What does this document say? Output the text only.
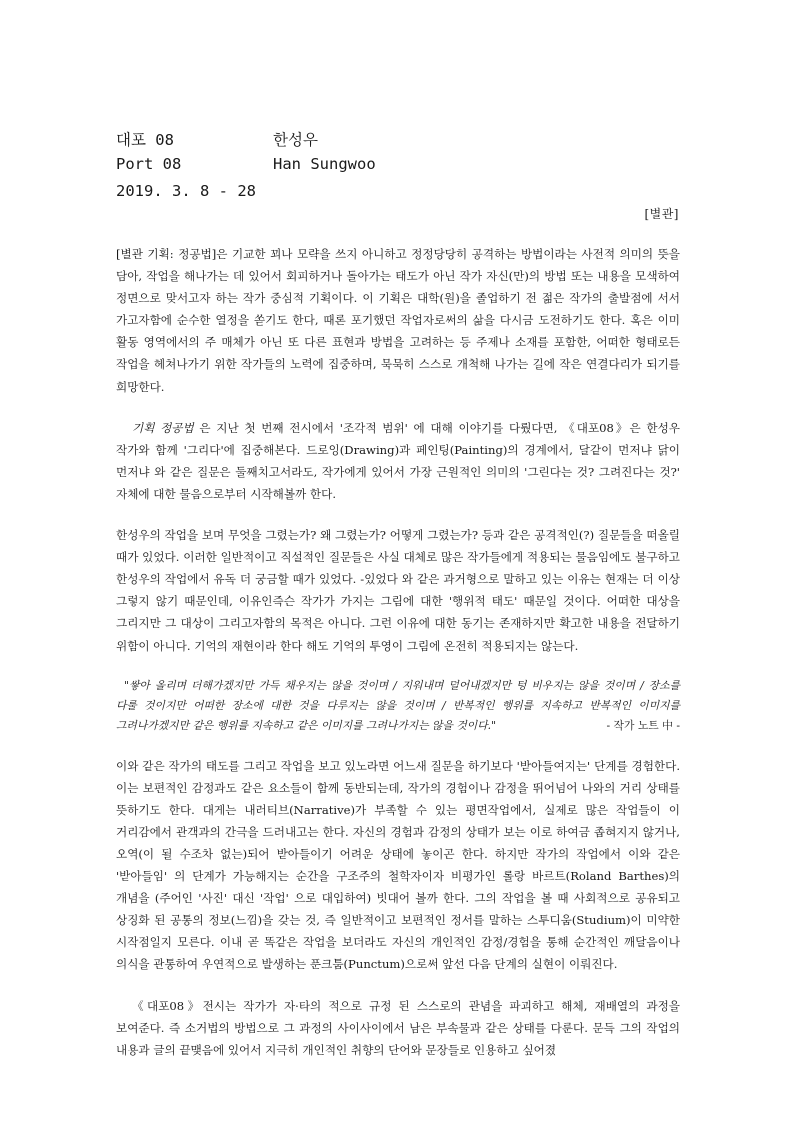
대포 08	한성우
Port 08	Han Sungwoo
2019. 3. 8 - 28
[별관]

[별관 기획: 정공법]은 기교한 꾀나 모략을 쓰지 아니하고 정정당당히 공격하는 방법이라는 사전적 의미의 뜻을 담아, 작업을 해나가는 데 있어서 회피하거나 돌아가는 태도가 아닌 작가 자신(만)의 방법 또는 내용을 모색하여 정면으로 맞서고자 하는 작가 중심적 기획이다. 이 기획은 대학(원)을 졸업하기 전 젊은 작가의 출발점에 서서 가고자함에 순수한 열정을 쏟기도 한다, 때론 포기했던 작업자로써의 삶을 다시금 도전하기도 한다. 혹은 이미 활동 영역에서의 주 매체가 아닌 또 다른 표현과 방법을 고려하는 등 주제나 소재를 포함한, 어떠한 형태로든 작업을 헤쳐나가기 위한 작가들의 노력에 집중하며, 묵묵히 스스로 개척해 나가는 길에 작은 연결다리가 되기를 희망한다.

기획 정공법 은 지난 첫 번째 전시에서 '조각적 범위' 에 대해 이야기를 다뤘다면, 《대포08》은 한성우 작가와 함께 '그리다'에 집중해본다. 드로잉(Drawing)과 페인팅(Painting)의 경계에서, 달같이 먼저냐 닭이 먼저냐 와 같은 질문은 둘째치고서라도, 작가에게 있어서 가장 근원적인 의미의 '그린다는 것? 그려진다는 것?' 자체에 대한 물음으로부터 시작해볼까 한다.

한성우의 작업을 보며 무엇을 그렸는가? 왜 그렸는가? 어떻게 그렸는가? 등과 같은 공격적인(?) 질문들을 떠올릴 때가 있었다. 이러한 일반적이고 직설적인 질문들은 사실 대체로 많은 작가들에게 적용되는 물음임에도 불구하고 한성우의 작업에서 유독 더 궁금할 때가 있었다. -있었다 와 같은 과거형으로 말하고 있는 이유는 현재는 더 이상 그렇지 않기 때문인데, 이유인즉슨 작가가 가지는 그림에 대한 '행위적 태도' 때문일 것이다. 어떠한 대상을 그리지만 그 대상이 그리고자함의 목적은 아니다. 그런 이유에 대한 동기는 존재하지만 확고한 내용을 전달하기 위함이 아니다. 기억의 재현이라 한다 해도 기억의 투영이 그림에 온전히 적용되지는 않는다.

"쌓아 올리며 더해가겠지만 가득 채우지는 않을 것이며 / 지워내며 덜어내겠지만 텅 비우지는 않을 것이며 / 장소를 다룰 것이지만 어떠한 장소에 대한 것을 다루지는 않을 것이며 / 반복적인 행위를 지속하고 반복적인 이미지를 그려나가겠지만 같은 행위를 지속하고 같은 이미지를 그려나가지는 않을 것이다."	- 작가 노트 中 -

이와 같은 작가의 태도를 그리고 작업을 보고 있노라면 어느새 질문을 하기보다 '받아들여지는' 단계를 경험한다. 이는 보편적인 감정과도 같은 요소들이 함께 동반되는데, 작가의 경험이나 감정을 뛰어넘어 나와의 거리 상태를 뜻하기도 한다. 대게는 내러티브(Narrative)가 부족할 수 있는 평면작업에서, 실제로 많은 작업들이 이 거리감에서 관객과의 간극을 드러내고는 한다. 자신의 경험과 감정의 상태가 보는 이로 하여금 좁혀지지 않거나, 오역(이 될 수조차 없는)되어 받아들이기 어려운 상태에 놓이곤 한다. 하지만 작가의 작업에서 이와 같은 '받아들임' 의 단계가 가능해지는 순간을 구조주의 철학자이자 비평가인 롤랑 바르트(Roland Barthes)의 개념을 (주어인 '사진' 대신 '작업' 으로 대입하여) 빗대어 볼까 한다. 그의 작업을 볼 때 사회적으로 공유되고 상징화 된 공통의 정보(느낌)을 갖는 것, 즉 일반적이고 보편적인 정서를 말하는 스투디움(Studium)이 미약한 시작점일지 모른다. 이내 곧 똑같은 작업을 보더라도 자신의 개인적인 감정/경험을 통해 순간적인 깨달음이나 의식을 관통하여 우연적으로 발생하는 푼크툼(Punctum)으로써 앞선 다음 단계의 실현이 이뤄진다.

《대포08》전시는 작가가 자·타의 적으로 규정 된 스스로의 관념을 파괴하고 해체, 재배열의 과정을 보여준다. 즉 소거법의 방법으로 그 과정의 사이사이에서 남은 부속물과 같은 상태를 다룬다. 문득 그의 작업의 내용과 글의 끝맺음에 있어서 지극히 개인적인 취향의 단어와 문장들로 인용하고 싶어졌
